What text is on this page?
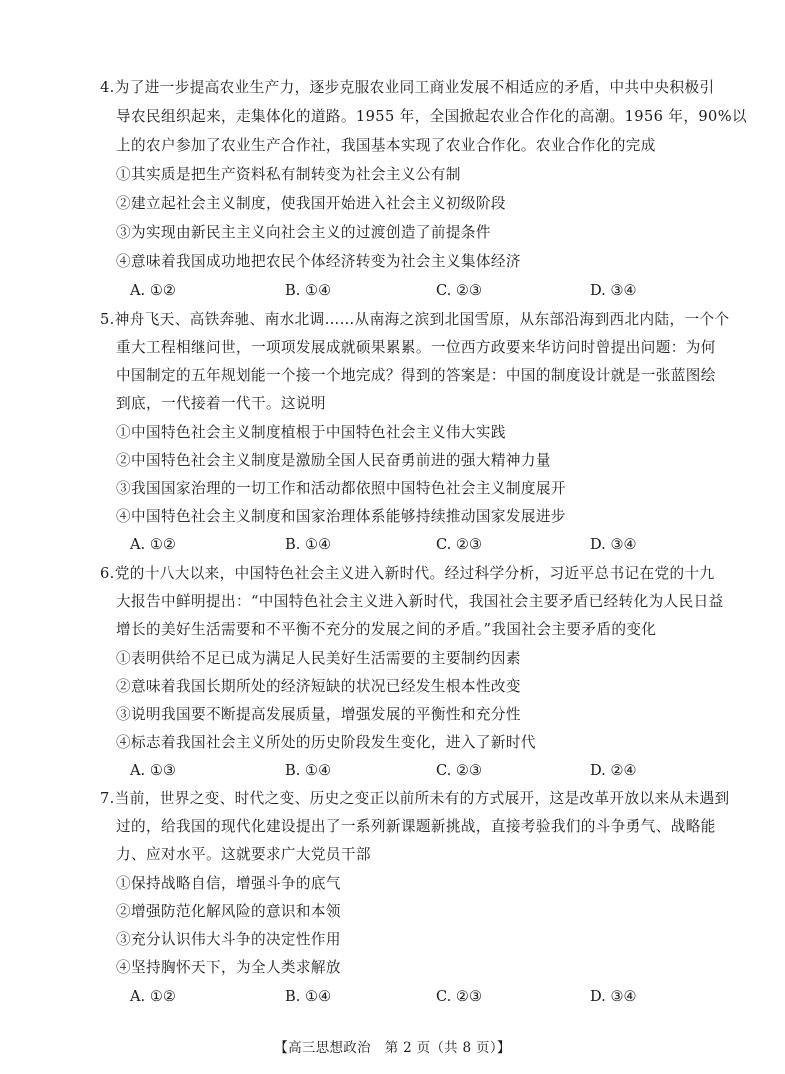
4.为了进一步提高农业生产力，逐步克服农业同工商业发展不相适应的矛盾，中共中央积极引
导农民组织起来，走集体化的道路。1955 年，全国掀起农业合作化的高潮。1956 年，90%以
上的农户参加了农业生产合作社，我国基本实现了农业合作化。农业合作化的完成
①其实质是把生产资料私有制转变为社会主义公有制
②建立起社会主义制度，使我国开始进入社会主义初级阶段
③为实现由新民主主义向社会主义的过渡创造了前提条件
④意味着我国成功地把农民个体经济转变为社会主义集体经济
A. ①②	B. ①④	C. ②③	D. ③④
5.神舟飞天、高铁奔驰、南水北调……从南海之滨到北国雪原，从东部沿海到西北内陆，一个个
重大工程相继问世，一项项发展成就硕果累累。一位西方政要来华访问时曾提出问题：为何
中国制定的五年规划能一个接一个地完成？得到的答案是：中国的制度设计就是一张蓝图绘
到底，一代接着一代干。这说明
①中国特色社会主义制度植根于中国特色社会主义伟大实践
②中国特色社会主义制度是激励全国人民奋勇前进的强大精神力量
③我国国家治理的一切工作和活动都依照中国特色社会主义制度展开
④中国特色社会主义制度和国家治理体系能够持续推动国家发展进步
A. ①②	B. ①④	C. ②③	D. ③④
6.党的十八大以来，中国特色社会主义进入新时代。经过科学分析，习近平总书记在党的十九
大报告中鲜明提出：“中国特色社会主义进入新时代，我国社会主要矛盾已经转化为人民日益
增长的美好生活需要和不平衡不充分的发展之间的矛盾。”我国社会主要矛盾的变化
①表明供给不足已成为满足人民美好生活需要的主要制约因素
②意味着我国长期所处的经济短缺的状况已经发生根本性改变
③说明我国要不断提高发展质量，增强发展的平衡性和充分性
④标志着我国社会主义所处的历史阶段发生变化，进入了新时代
A. ①③	B. ①④	C. ②③	D. ②④
7.当前，世界之变、时代之变、历史之变正以前所未有的方式展开，这是改革开放以来从未遇到
过的，给我国的现代化建设提出了一系列新课题新挑战，直接考验我们的斗争勇气、战略能
力、应对水平。这就要求广大党员干部
①保持战略自信，增强斗争的底气
②增强防范化解风险的意识和本领
③充分认识伟大斗争的决定性作用
④坚持胸怀天下，为全人类求解放
A. ①②	B. ①④	C. ②③	D. ③④
【高三思想政治　第 2 页（共 8 页）】
